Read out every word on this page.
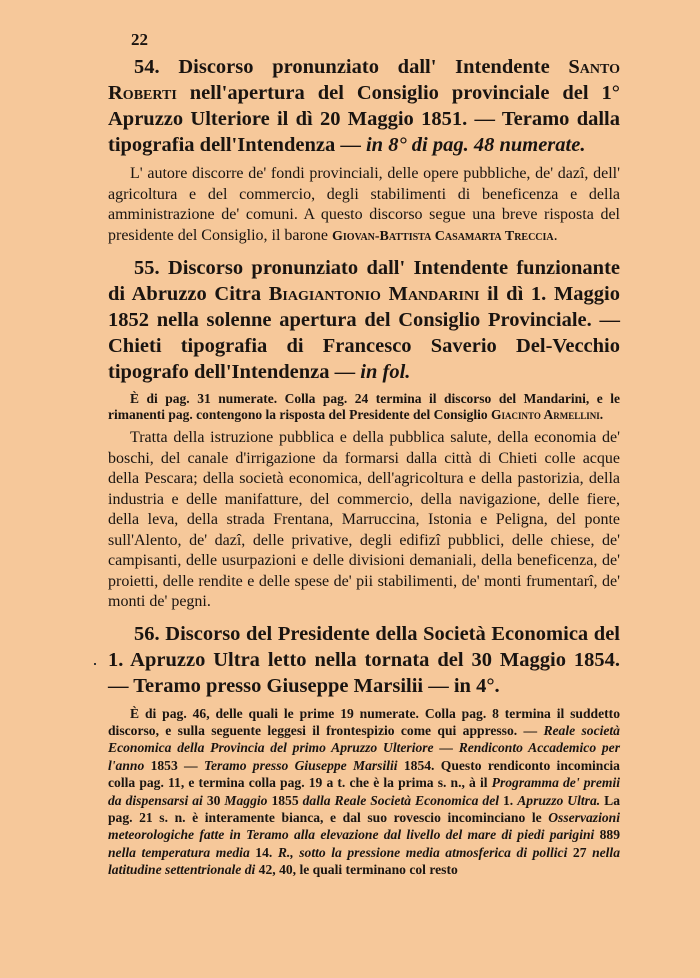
22

54. Discorso pronunziato dall' Intendente Santo Roberti nell'apertura del Consiglio provinciale del 1° Apruzzo Ulteriore il dì 20 Maggio 1851. — Teramo dalla tipografia dell'Intendenza — in 8° di pag. 48 numerate.

L' autore discorre de' fondi provinciali, delle opere pubbliche, de' dazî, dell' agricoltura e del commercio, degli stabilimenti di beneficenza e della amministrazione de' comuni. A questo discorso segue una breve risposta del presidente del Consiglio, il barone Giovan-Battista Casamarta Treccia.

55. Discorso pronunziato dall' Intendente funzionante di Abruzzo Citra Biagiantonio Mandarini il dì 1. Maggio 1852 nella solenne apertura del Consiglio Provinciale. — Chieti tipografia di Francesco Saverio Del-Vecchio tipografo dell'Intendenza — in fol.

È di pag. 31 numerate. Colla pag. 24 termina il discorso del Mandarini, e le rimanenti pag. contengono la risposta del Presidente del Consiglio Giacinto Armellini.

Tratta della istruzione pubblica e della pubblica salute, della economia de' boschi, del canale d'irrigazione da formarsi dalla città di Chieti colle acque della Pescara; della società economica, dell'agricoltura e della pastorizia, della industria e delle manifatture, del commercio, della navigazione, delle fiere, della leva, della strada Frentana, Marruccina, Istonia e Peligna, del ponte sull'Alento, de' dazî, delle privative, degli edifizî pubblici, delle chiese, de' campisanti, delle usurpazioni e delle divisioni demaniali, della beneficenza, de' proietti, delle rendite e delle spese de' pii stabilimenti, de' monti frumentarî, de' monti de' pegni.

56. Discorso del Presidente della Società Economica del 1. Apruzzo Ultra letto nella tornata del 30 Maggio 1854. — Teramo presso Giuseppe Marsilii — in 4°.

È di pag. 46, delle quali le prime 19 numerate. Colla pag. 8 termina il suddetto discorso, e sulla seguente leggesi il frontespizio come qui appresso. — Reale società Economica della Provincia del primo Apruzzo Ulteriore — Rendiconto Accademico per l'anno 1853 — Teramo presso Giuseppe Marsilii 1854. Questo rendiconto incomincia colla pag. 11, e termina colla pag. 19 a t. che è la prima s. n., à il Programma de' premii da dispensarsi ai 30 Maggio 1855 dalla Reale Società Economica del 1. Apruzzo Ultra. La pag. 21 s. n. è interamente bianca, e dal suo rovescio incominciano le Osservazioni meteorologiche fatte in Teramo alla elevazione dal livello del mare di piedi parigini 889 nella temperatura media 14. R., sotto la pressione media atmosferica di pollici 27 nella latitudine settentrionale di 42, 40, le quali terminano col resto
